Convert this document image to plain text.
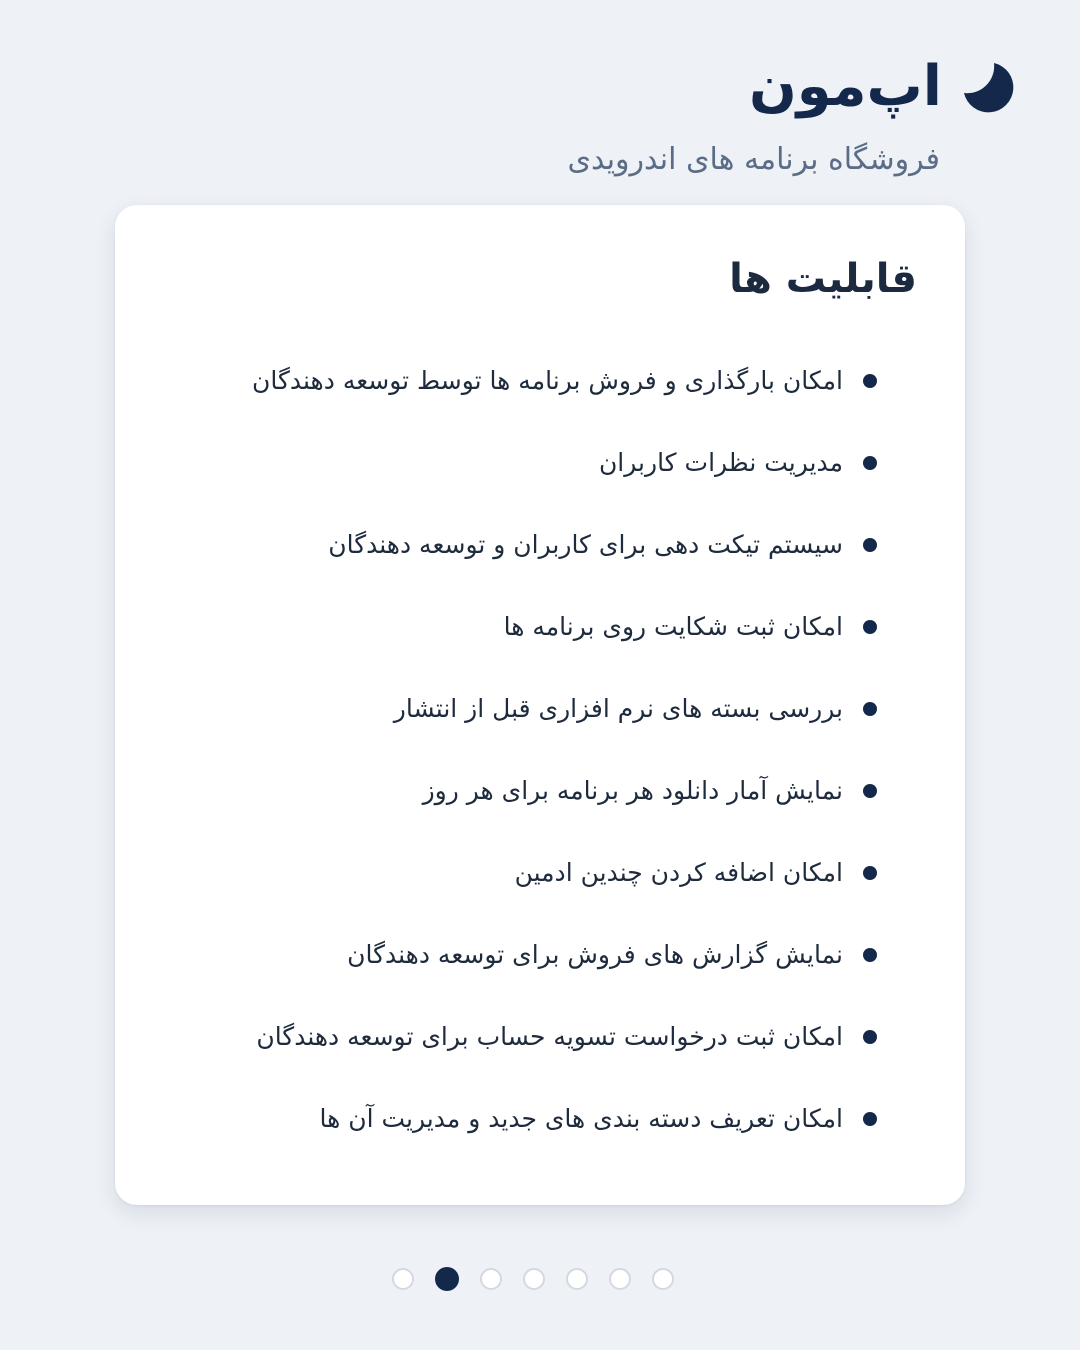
اپ‌مون
فروشگاه برنامه های اندرویدی
قابلیت ها
امکان بارگذاری و فروش برنامه ها توسط توسعه دهندگان
مدیریت نظرات کاربران
سیستم تیکت دهی برای کاربران و توسعه دهندگان
امکان ثبت شکایت روی برنامه ها
بررسی بسته های نرم افزاری قبل از انتشار
نمایش آمار دانلود هر برنامه برای هر روز
امکان اضافه کردن چندین ادمین
نمایش گزارش های فروش برای توسعه دهندگان
امکان ثبت درخواست تسویه حساب برای توسعه دهندگان
امکان تعریف دسته بندی های جدید و مدیریت آن ها
